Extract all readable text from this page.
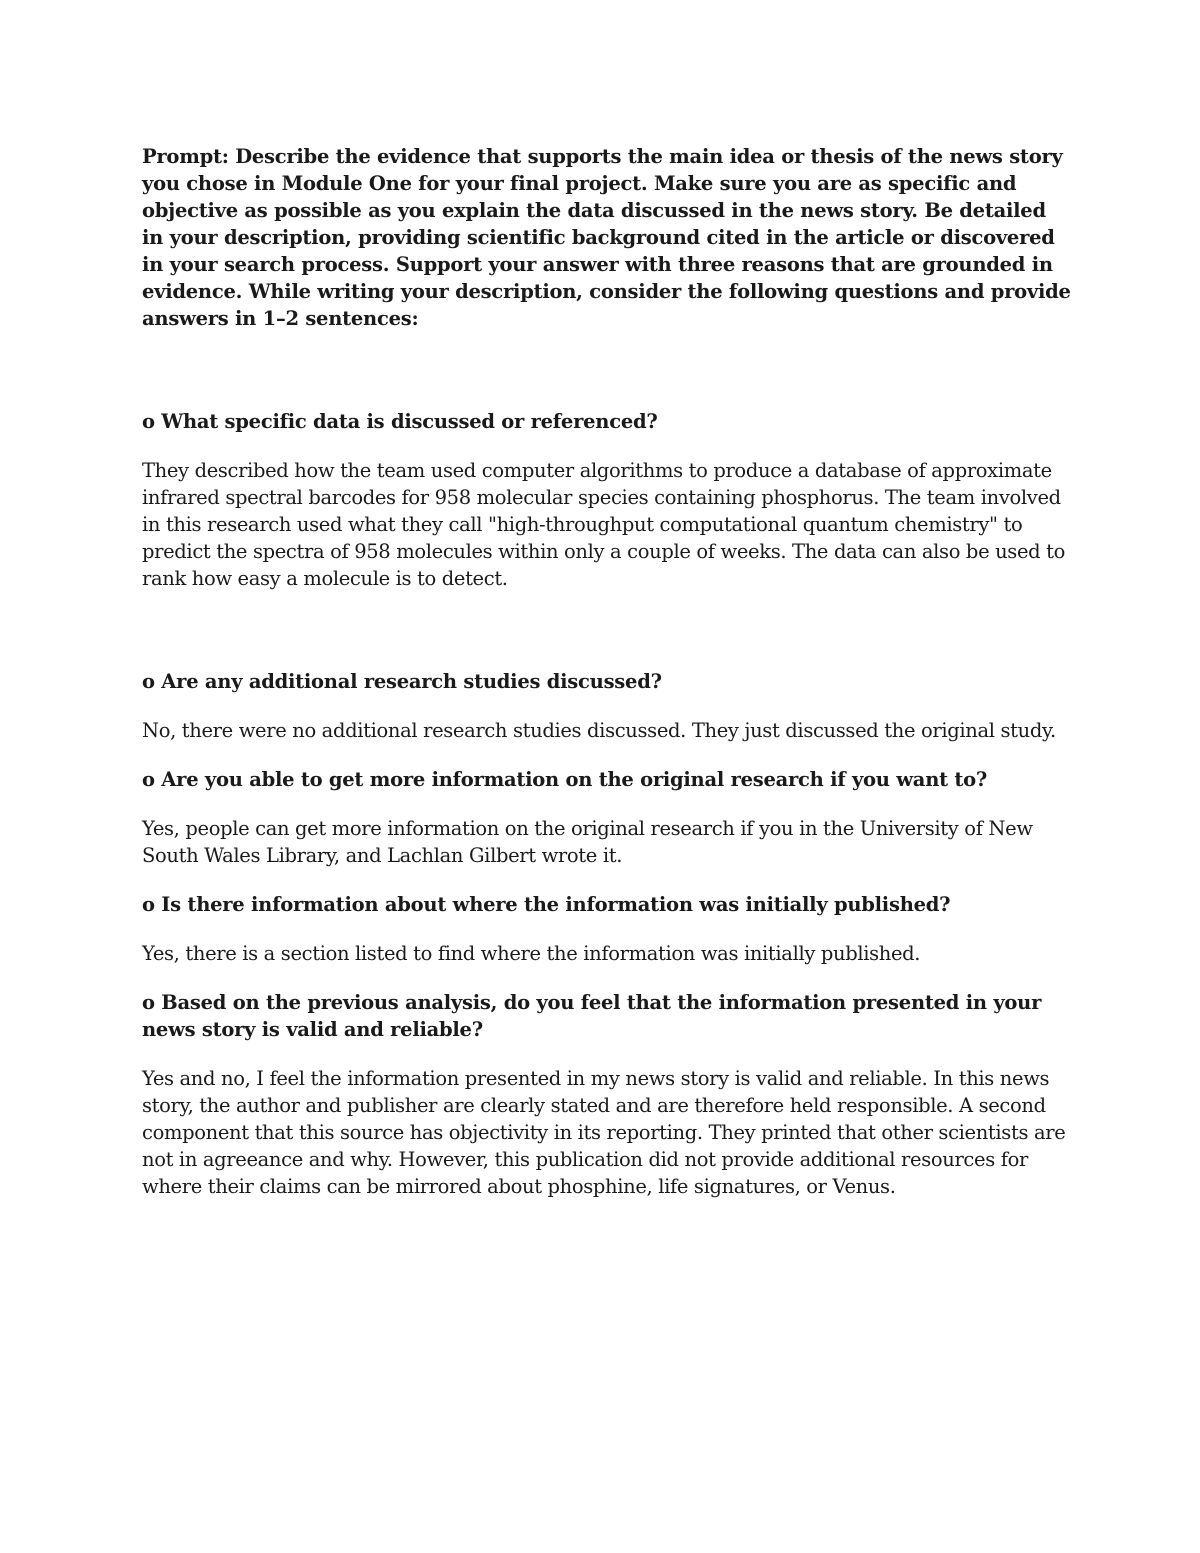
Prompt: Describe the evidence that supports the main idea or thesis of the news story you chose in Module One for your final project. Make sure you are as specific and objective as possible as you explain the data discussed in the news story. Be detailed in your description, providing scientific background cited in the article or discovered in your search process. Support your answer with three reasons that are grounded in evidence. While writing your description, consider the following questions and provide answers in 1–2 sentences:

o What specific data is discussed or referenced?

They described how the team used computer algorithms to produce a database of approximate infrared spectral barcodes for 958 molecular species containing phosphorus. The team involved in this research used what they call "high-throughput computational quantum chemistry" to predict the spectra of 958 molecules within only a couple of weeks. The data can also be used to rank how easy a molecule is to detect.

o Are any additional research studies discussed?

No, there were no additional research studies discussed. They just discussed the original study.

o Are you able to get more information on the original research if you want to?

Yes, people can get more information on the original research if you in the University of New South Wales Library, and Lachlan Gilbert wrote it.

o Is there information about where the information was initially published?

Yes, there is a section listed to find where the information was initially published.

o Based on the previous analysis, do you feel that the information presented in your news story is valid and reliable?

Yes and no, I feel the information presented in my news story is valid and reliable. In this news story, the author and publisher are clearly stated and are therefore held responsible. A second component that this source has objectivity in its reporting. They printed that other scientists are not in agreeance and why. However, this publication did not provide additional resources for where their claims can be mirrored about phosphine, life signatures, or Venus.
